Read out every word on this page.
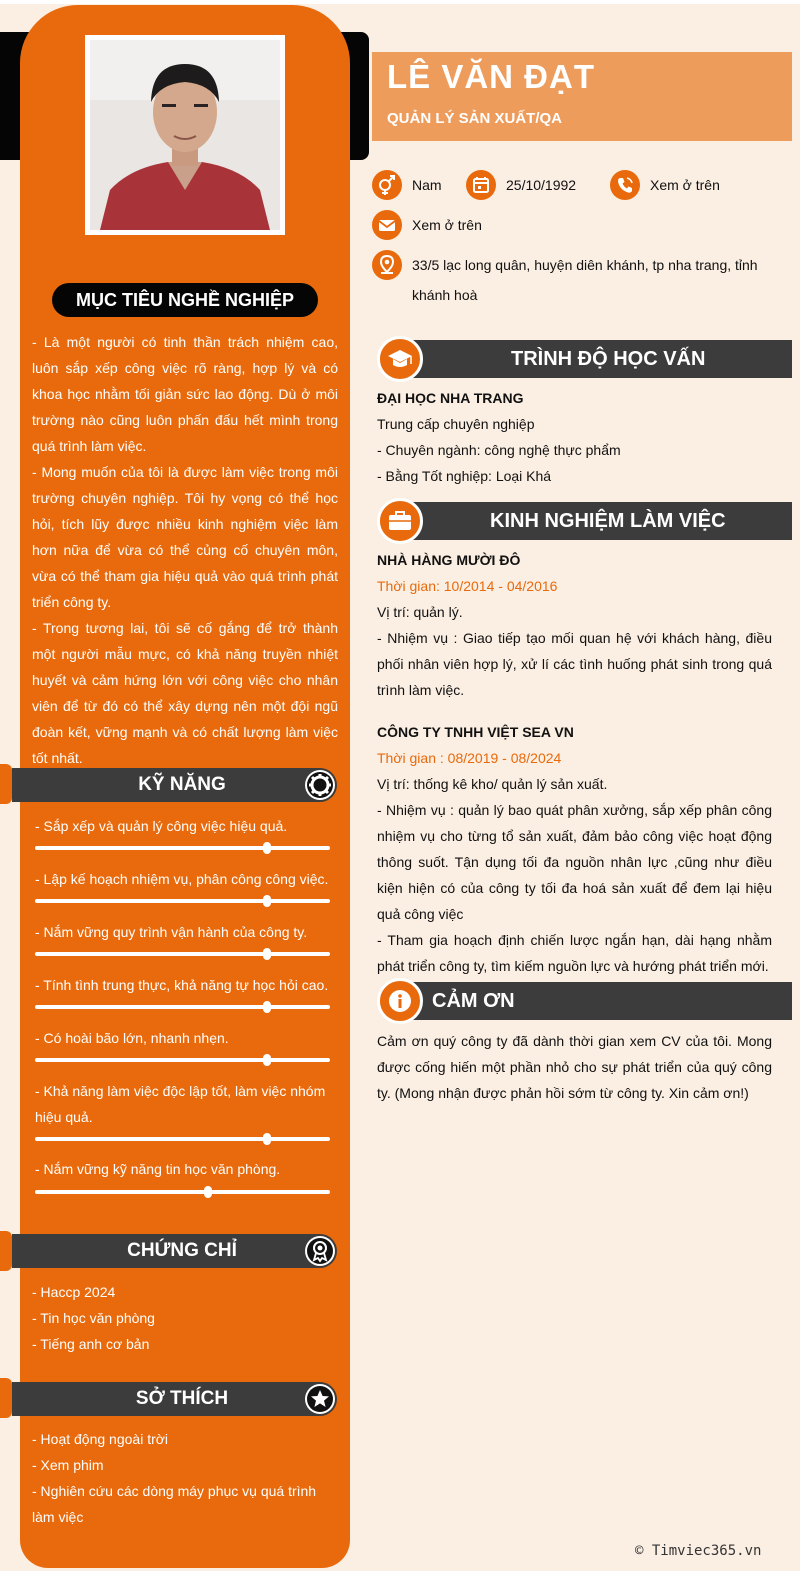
MỤC TIÊU NGHỀ NGHIỆP
- Là một người có tinh thần trách nhiệm cao, luôn sắp xếp công việc rõ ràng, hợp lý và có khoa học nhằm tối giản sức lao động. Dù ở môi trường nào cũng luôn phấn đấu hết mình trong quá trình làm việc.
- Mong muốn của tôi là được làm việc trong môi trường chuyên nghiệp. Tôi hy vọng có thể học hỏi, tích lũy được nhiều kinh nghiệm việc làm hơn nữa để vừa có thể củng cố chuyên môn, vừa có thể tham gia hiệu quả vào quá trình phát triển công ty.
- Trong tương lai, tôi sẽ cố gắng để trở thành một người mẫu mực, có khả năng truyền nhiệt huyết và cảm hứng lớn với công việc cho nhân viên để từ đó có thể xây dựng nên một đội ngũ đoàn kết, vững mạnh và có chất lượng làm việc tốt nhất.
KỸ NĂNG
- Sắp xếp và quản lý công việc hiệu quả.
- Lập kế hoạch nhiệm vụ, phân công công việc.
- Nắm vững quy trình vận hành của công ty.
- Tính tình trung thực, khả năng tự học hỏi cao.
- Có hoài bão lớn, nhanh nhẹn.
- Khả năng làm việc độc lập tốt, làm việc nhóm hiệu quả.
- Nắm vững kỹ năng tin học văn phòng.
CHỨNG CHỈ
- Haccp 2024
- Tin học văn phòng
- Tiếng anh cơ bản
SỞ THÍCH
- Hoạt động ngoài trời
- Xem phim
- Nghiên cứu các dòng máy phục vụ quá trình làm việc
LÊ VĂN ĐẠT
QUẢN LÝ SẢN XUẤT/QA
Nam	25/10/1992	Xem ở trên
Xem ở trên
33/5 lạc long quân, huyện diên khánh, tp nha trang, tỉnh
khánh hoà
TRÌNH ĐỘ HỌC VẤN
ĐẠI HỌC NHA TRANG
Trung cấp chuyên nghiệp
- Chuyên ngành: công nghệ thực phẩm
- Bằng Tốt nghiệp: Loại Khá
KINH NGHIỆM LÀM VIỆC
NHÀ HÀNG MƯỜI ĐÔ
Thời gian: 10/2014 - 04/2016
Vị trí: quản lý.
- Nhiệm vụ : Giao tiếp tạo mối quan hệ với khách hàng, điều phối nhân viên hợp lý, xử lí các tình huống phát sinh trong quá trình làm việc.
CÔNG TY TNHH VIỆT SEA VN
Thời gian : 08/2019 - 08/2024
Vị trí: thống kê kho/ quản lý sản xuất.
- Nhiệm vụ : quản lý bao quát phân xưởng, sắp xếp phân công nhiệm vụ cho từng tổ sản xuất, đảm bảo công việc hoạt động thông suốt. Tận dụng tối đa nguồn nhân lực ,cũng như điều kiện hiện có của công ty tối đa hoá sản xuất để đem lại hiệu quả công việc
- Tham gia hoạch định chiến lược ngắn hạn, dài hạng nhằm phát triển công ty, tìm kiếm nguồn lực và hướng phát triển mới.
CẢM ƠN
Cảm ơn quý công ty đã dành thời gian xem CV của tôi. Mong được cống hiến một phần nhỏ cho sự phát triển của quý công ty. (Mong nhận được phản hồi sớm từ công ty. Xin cảm ơn!)
© Timviec365.vn
